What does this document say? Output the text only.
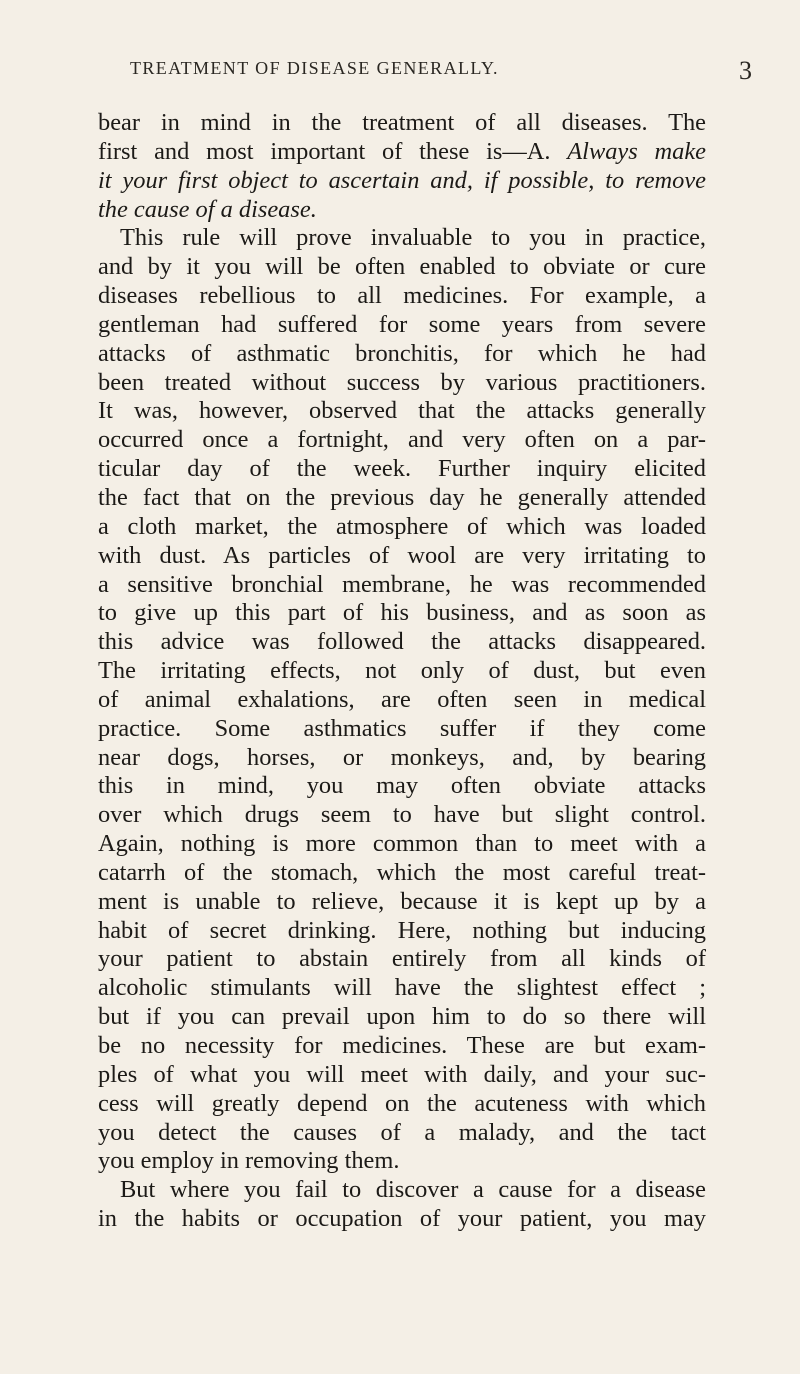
TREATMENT OF DISEASE GENERALLY.	3
bear in mind in the treatment of all diseases. The
first and most important of these is—A. Always make
it your first object to ascertain and, if possible, to remove
the cause of a disease.
This rule will prove invaluable to you in practice,
and by it you will be often enabled to obviate or cure
diseases rebellious to all medicines. For example, a
gentleman had suffered for some years from severe
attacks of asthmatic bronchitis, for which he had
been treated without success by various practitioners.
It was, however, observed that the attacks generally
occurred once a fortnight, and very often on a par-
ticular day of the week. Further inquiry elicited
the fact that on the previous day he generally attended
a cloth market, the atmosphere of which was loaded
with dust. As particles of wool are very irritating to
a sensitive bronchial membrane, he was recommended
to give up this part of his business, and as soon as
this advice was followed the attacks disappeared.
The irritating effects, not only of dust, but even
of animal exhalations, are often seen in medical
practice. Some asthmatics suffer if they come
near dogs, horses, or monkeys, and, by bearing
this in mind, you may often obviate attacks
over which drugs seem to have but slight control.
Again, nothing is more common than to meet with a
catarrh of the stomach, which the most careful treat-
ment is unable to relieve, because it is kept up by a
habit of secret drinking. Here, nothing but inducing
your patient to abstain entirely from all kinds of
alcoholic stimulants will have the slightest effect ;
but if you can prevail upon him to do so there will
be no necessity for medicines. These are but exam-
ples of what you will meet with daily, and your suc-
cess will greatly depend on the acuteness with which
you detect the causes of a malady, and the tact
you employ in removing them.
But where you fail to discover a cause for a disease
in the habits or occupation of your patient, you may
